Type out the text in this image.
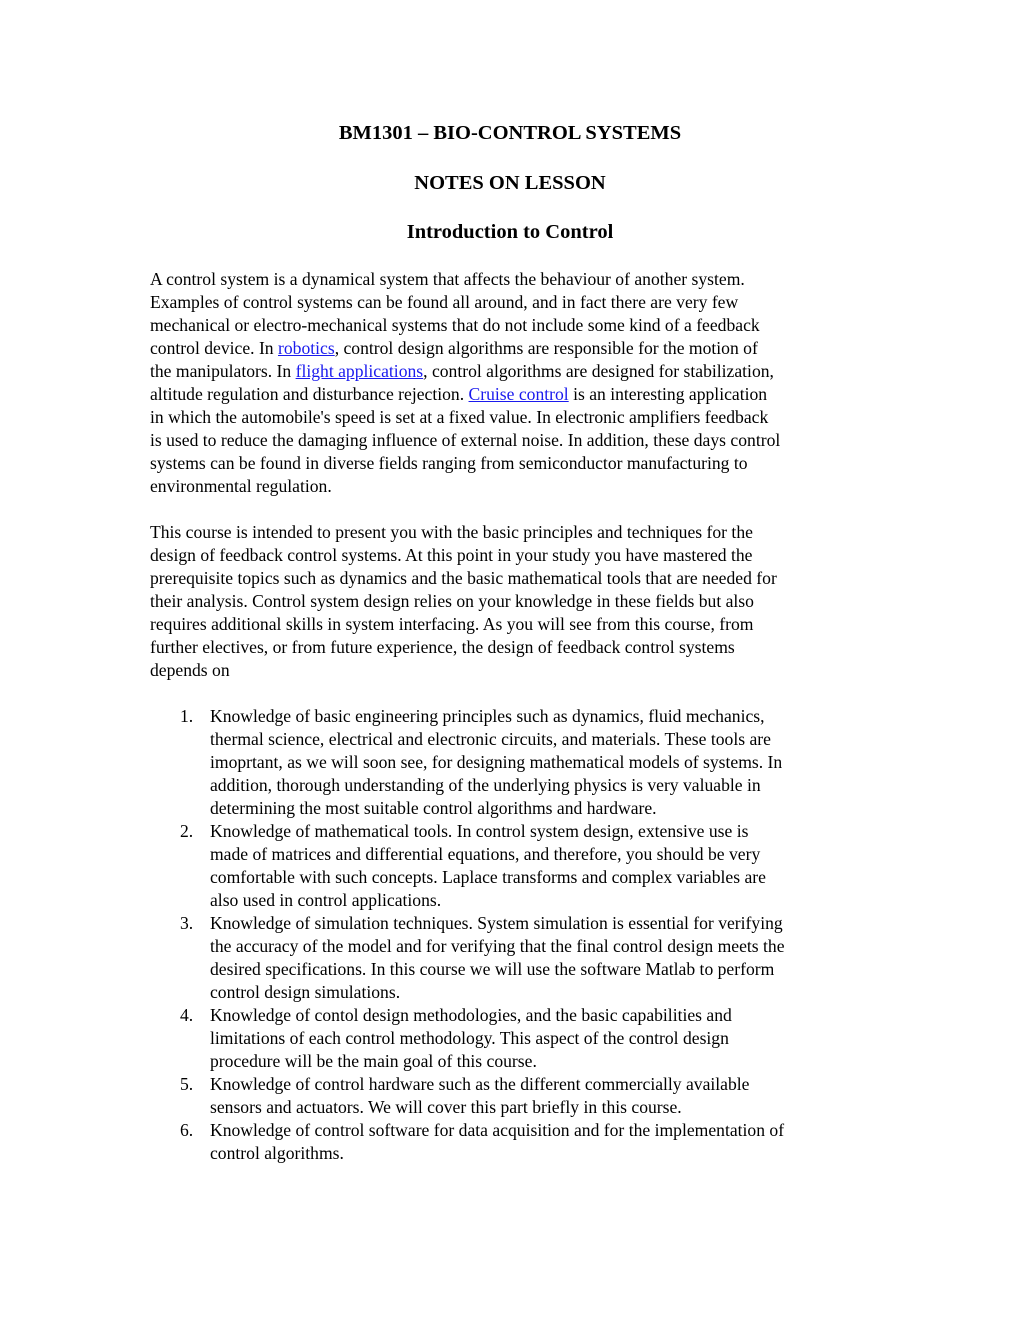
BM1301 – BIO-CONTROL SYSTEMS
NOTES ON LESSON
Introduction to Control

A control system is a dynamical system that affects the behaviour of another system.
Examples of control systems can be found all around, and in fact there are very few
mechanical or electro-mechanical systems that do not include some kind of a feedback
control device. In robotics, control design algorithms are responsible for the motion of
the manipulators. In flight applications, control algorithms are designed for stabilization,
altitude regulation and disturbance rejection. Cruise control is an interesting application
in which the automobile's speed is set at a fixed value. In electronic amplifiers feedback
is used to reduce the damaging influence of external noise. In addition, these days control
systems can be found in diverse fields ranging from semiconductor manufacturing to
environmental regulation.

This course is intended to present you with the basic principles and techniques for the
design of feedback control systems. At this point in your study you have mastered the
prerequisite topics such as dynamics and the basic mathematical tools that are needed for
their analysis. Control system design relies on your knowledge in these fields but also
requires additional skills in system interfacing. As you will see from this course, from
further electives, or from future experience, the design of feedback control systems
depends on

1. Knowledge of basic engineering principles such as dynamics, fluid mechanics,
thermal science, electrical and electronic circuits, and materials. These tools are
imoprtant, as we will soon see, for designing mathematical models of systems. In
addition, thorough understanding of the underlying physics is very valuable in
determining the most suitable control algorithms and hardware.
2. Knowledge of mathematical tools. In control system design, extensive use is
made of matrices and differential equations, and therefore, you should be very
comfortable with such concepts. Laplace transforms and complex variables are
also used in control applications.
3. Knowledge of simulation techniques. System simulation is essential for verifying
the accuracy of the model and for verifying that the final control design meets the
desired specifications. In this course we will use the software Matlab to perform
control design simulations.
4. Knowledge of contol design methodologies, and the basic capabilities and
limitations of each control methodology. This aspect of the control design
procedure will be the main goal of this course.
5. Knowledge of control hardware such as the different commercially available
sensors and actuators. We will cover this part briefly in this course.
6. Knowledge of control software for data acquisition and for the implementation of
control algorithms.
